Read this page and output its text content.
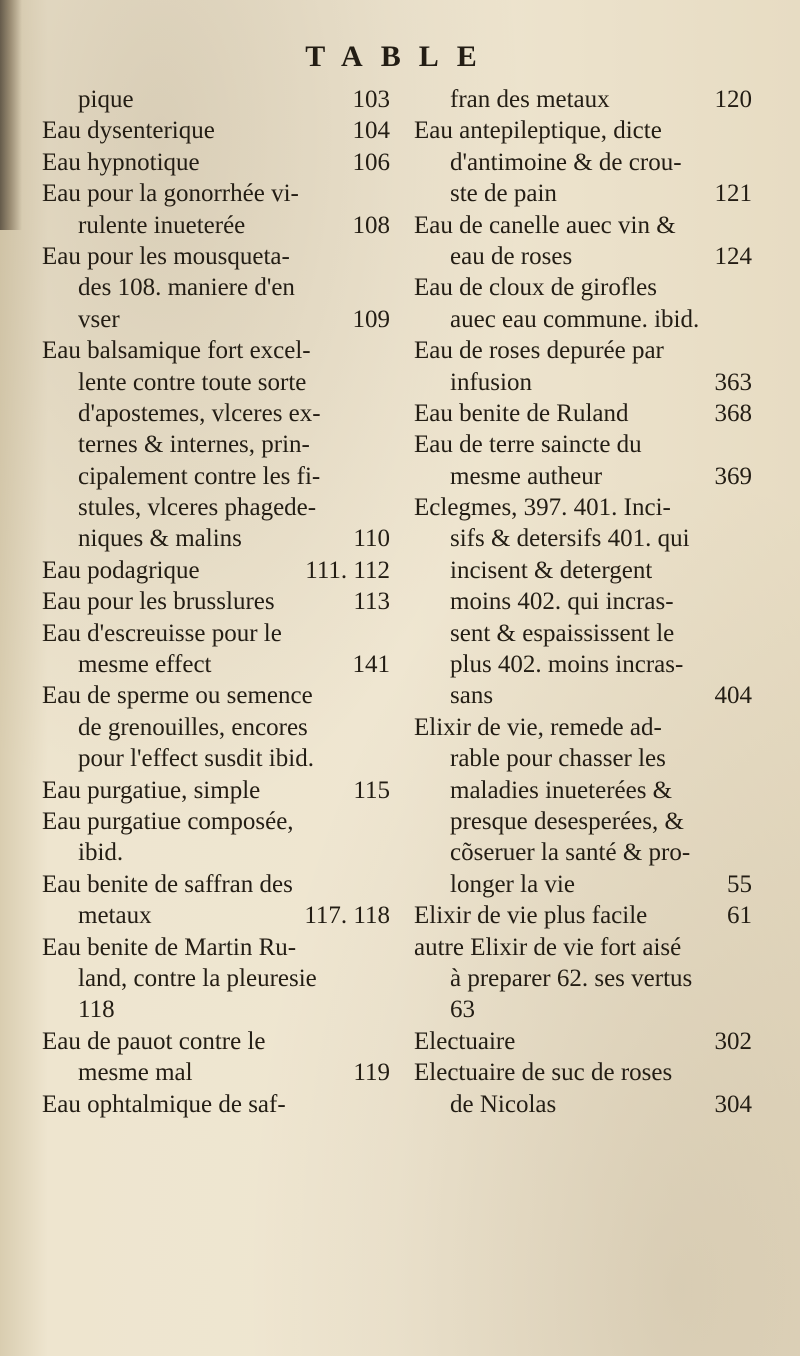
TABLE
pique	103
Eau dysenterique	104
Eau hypnotique	106
Eau pour la gonorrhée vi-
rulente inueterée	108
Eau pour les mousqueta-
des 108. maniere d'en
vser	109
Eau balsamique fort excel-
lente contre toute sorte
d'apostemes, vlceres ex-
ternes & internes, prin-
cipalement contre les fi-
stules, vlceres phagede-
niques & malins	110
Eau podagrique	111. 112
Eau pour les brusslures	113
Eau d'escreuisse pour le
mesme effect	141
Eau de sperme ou semence
de grenouilles, encores
pour l'effect susdit ibid.
Eau purgatiue, simple	115
Eau purgatiue composée,
ibid.
Eau benite de saffran des
metaux	117. 118
Eau benite de Martin Ru-
land, contre la pleuresie
118
Eau de pauot contre le
mesme mal	119
Eau ophtalmique de saf-
fran des metaux	120
Eau antepileptique, dicte
d'antimoine & de crou-
ste de pain	121
Eau de canelle auec vin &
eau de roses	124
Eau de cloux de girofles
auec eau commune. ibid.
Eau de roses depurée par
infusion	363
Eau benite de Ruland	368
Eau de terre saincte du
mesme autheur	369
Eclegmes, 397. 401. Inci-
sifs & detersifs 401. qui
incisent & detergent
moins 402. qui incras-
sent & espaississent le
plus 402. moins incras-
sans	404
Elixir de vie, remede ad-
rable pour chasser les
maladies inueterées &
presque desesperées, &
cõseruer la santé & pro-
longer la vie	55
Elixir de vie plus facile	61
autre Elixir de vie fort aisé
à preparer 62. ses vertus
63
Electuaire	302
Electuaire de suc de roses
de Nicolas	304
